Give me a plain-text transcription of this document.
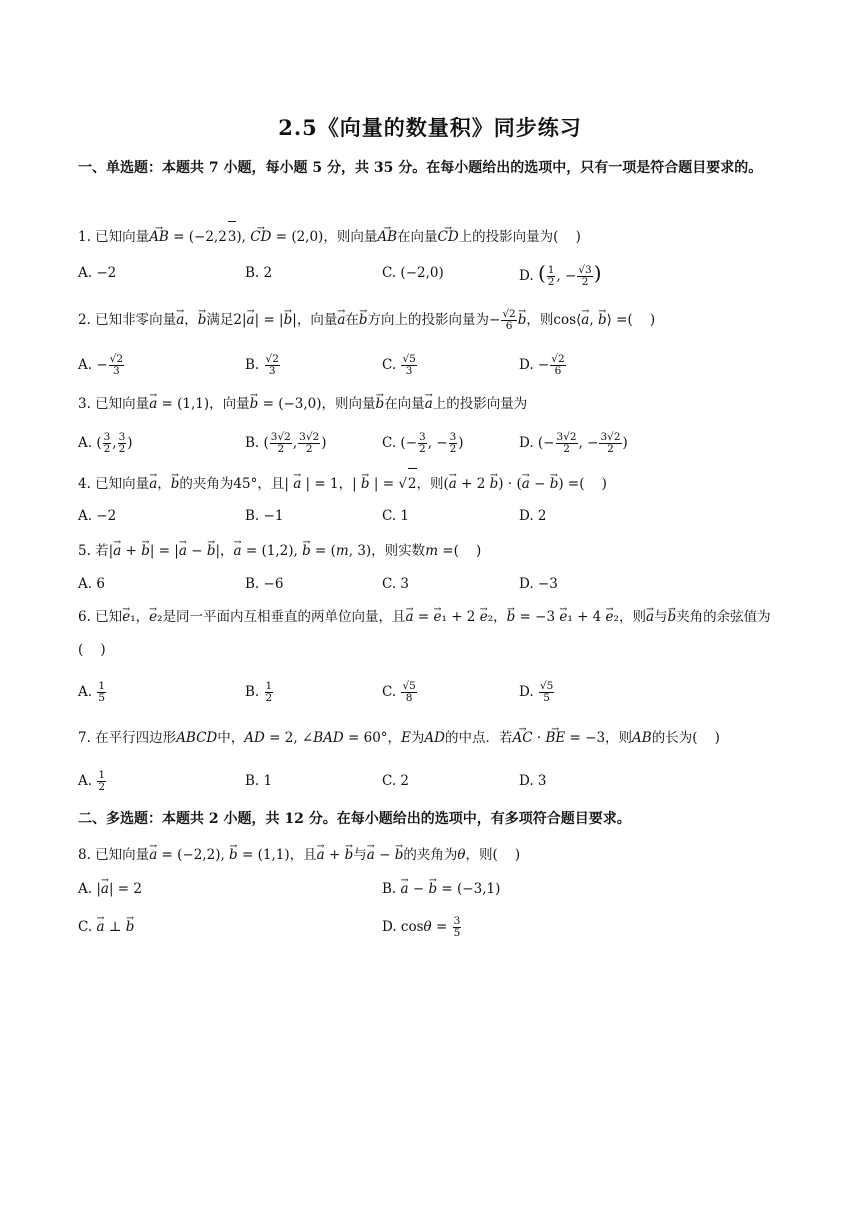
2.5《向量的数量积》同步练习
一、单选题：本题共 7 小题，每小题 5 分，共 35 分。在每小题给出的选项中，只有一项是符合题目要求的。
1. 已知向量→ AB = (−2,23), → CD = (2,0)，则向量→ AB在向量→ CD上的投影向量为(    )
A. −2	B. 2	C. (−2,0)	D. ( $\frac{1}{2}$ , − $\frac{√3}{2}$ )
2. 已知非零向量→ a，→ b满足2|→ a| = |→ b|，向量→ a在→ b方向上的投影向量为− $\frac{√2}{6}$
→ b，则cos⟨→ a, → b⟩ =(    )
A. − $\frac{√2}{3}$	B. $\frac{√2}{3}$	C. $\frac{√5}{3}$	D. − $\frac{√2}{6}$
3. 已知向量→ a = (1,1)，向量→ b = (−3,0)，则向量→ b在向量→ a上的投影向量为
A. ( $\frac{3}{2}$ , $\frac{3}{2}$ )	B. ( $\frac{3√2}{2}$ , $\frac{3√2}{2}$ )	C. (− $\frac{3}{2}$ , − $\frac{3}{2}$ )	D. (− $\frac{3√2}{2}$ , − $\frac{3√2}{2}$ )
4. 已知向量→ a，→ b的夹角为45°，且| → a | = 1，| → b | = √2，则(→ a + 2 → b) · (→ a − → b) =(    )
A. −2	B. −1	C. 1	D. 2
5. 若|→ a + → b| = |→ a − → b|，→ a = (1,2), → b = (m, 3)，则实数m =(    )
A. 6	B. −6	C. 3	D. −3
6. 已知→ e₁，→ e₂是同一平面内互相垂直的两单位向量，且→ a = → e₁ + 2 → e₂，→ b = −3 → e₁ + 4 → e₂，则→ a与→ b夹角的余弦值为(    )
A. $\frac{1}{5}$	B. $\frac{1}{2}$	C. $\frac{√5}{8}$	D. $\frac{√5}{5}$
7. 在平行四边形ABCD中，AD = 2, ∠BAD = 60°，E为AD的中点．若→ AC · → BE = −3，则AB的长为(    )
A. $\frac{1}{2}$	B. 1	C. 2	D. 3
二、多选题：本题共 2 小题，共 12 分。在每小题给出的选项中，有多项符合题目要求。
8. 已知向量→ a = (−2,2), → b = (1,1)，且→ a + → b与→ a − → b的夹角为θ，则(    )
A. |→ a| = 2	B. → a − → b = (−3,1)
C. → a ⊥ → b	D. $\cos\theta = \frac{3}{5}$
